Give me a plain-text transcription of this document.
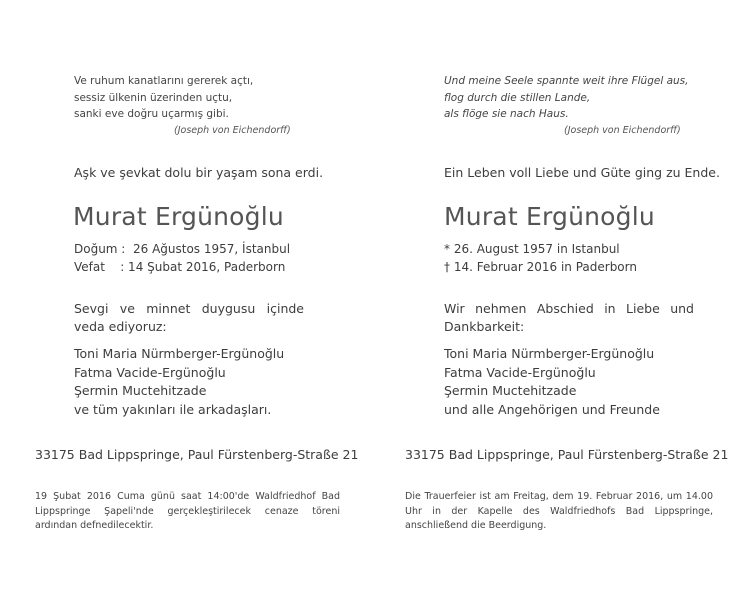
Ve ruhum kanatlarını gererek açtı,
sessiz ülkenin üzerinden uçtu,
sanki eve doğru uçarmış gibi.
(Joseph von Eichendorff)
Aşk ve şevkat dolu bir yaşam sona erdi.
Murat Ergünoğlu
Doğum :  26 Ağustos 1957, İstanbul
Vefat    : 14 Şubat 2016, Paderborn
Sevgi ve minnet duygusu içinde veda ediyoruz:
Toni Maria Nürmberger-Ergünoğlu
Fatma Vacide-Ergünoğlu
Şermin Muctehitzade
ve tüm yakınları ile arkadaşları.
33175 Bad Lippspringe, Paul Fürstenberg-Straße 21
19 Şubat 2016 Cuma günü saat 14:00'de Waldfriedhof Bad Lippspringe Şapeli'nde gerçekleştirilecek cenaze töreni ardından defnedilecektir.
Und meine Seele spannte weit ihre Flügel aus,
flog durch die stillen Lande,
als flöge sie nach Haus.
(Joseph von Eichendorff)
Ein Leben voll Liebe und Güte ging zu Ende.
Murat Ergünoğlu
* 26. August 1957 in Istanbul
† 14. Februar 2016 in Paderborn
Wir nehmen Abschied in Liebe und Dankbarkeit:
Toni Maria Nürmberger-Ergünoğlu
Fatma Vacide-Ergünoğlu
Şermin Muctehitzade
und alle Angehörigen und Freunde
33175 Bad Lippspringe, Paul Fürstenberg-Straße 21
Die Trauerfeier ist am Freitag, dem 19. Februar 2016, um 14.00 Uhr in der Kapelle des Waldfriedhofs Bad Lippspringe, anschließend die Beerdigung.
